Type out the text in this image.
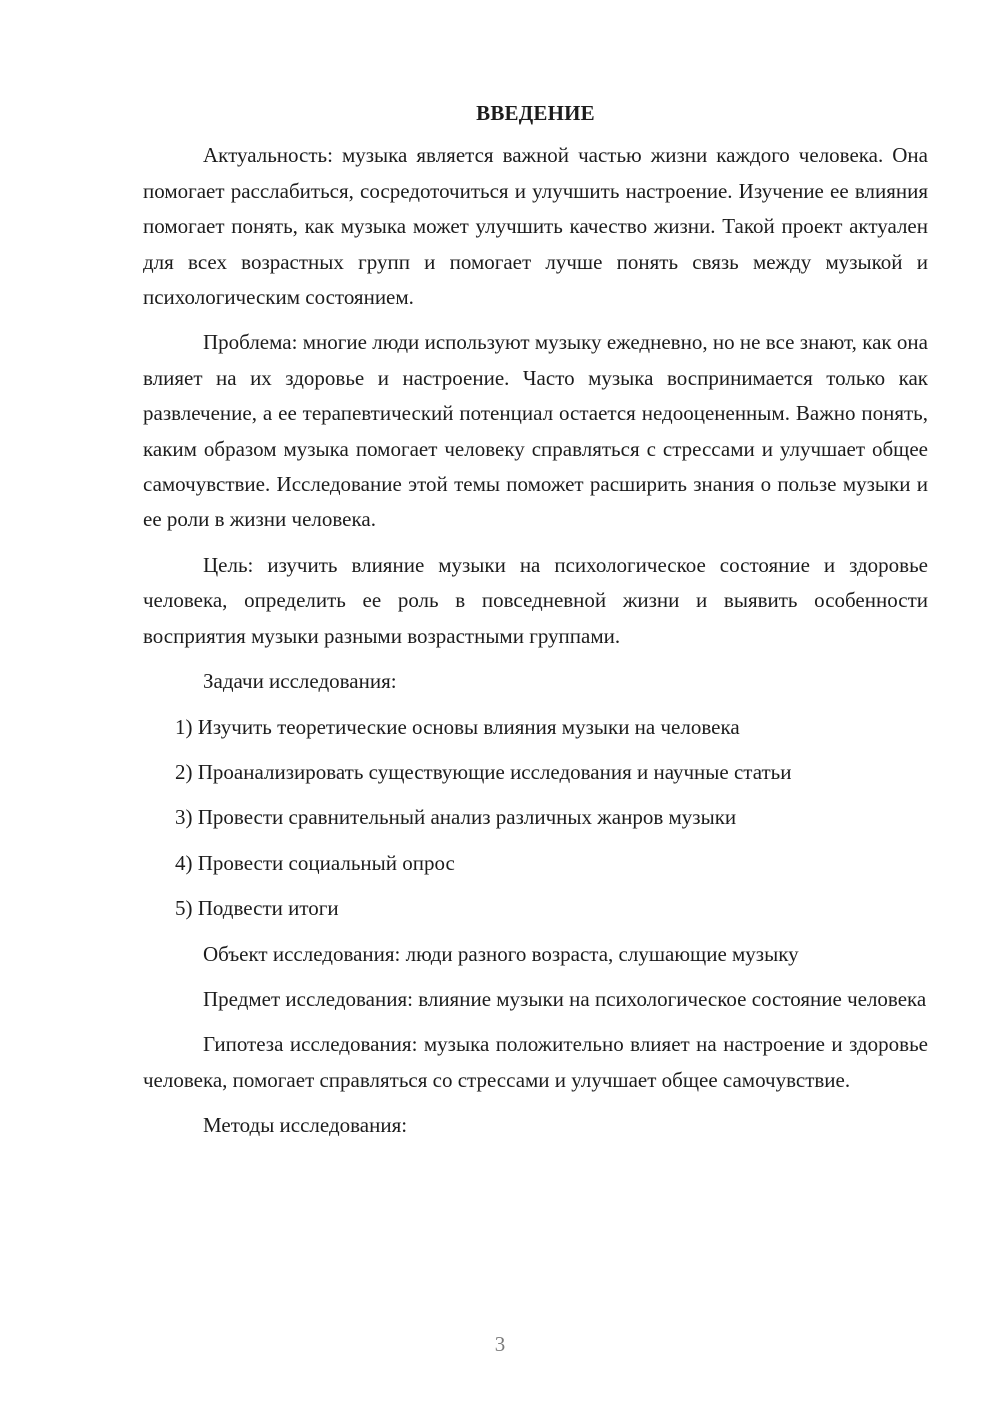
ВВЕДЕНИЕ

Актуальность: музыка является важной частью жизни каждого человека. Она помогает расслабиться, сосредоточиться и улучшить настроение. Изучение ее влияния помогает понять, как музыка может улучшить качество жизни. Такой проект актуален для всех возрастных групп и помогает лучше понять связь между музыкой и психологическим состоянием.

Проблема: многие люди используют музыку ежедневно, но не все знают, как она влияет на их здоровье и настроение. Часто музыка воспринимается только как развлечение, а ее терапевтический потенциал остается недооцененным. Важно понять, каким образом музыка помогает человеку справляться с стрессами и улучшает общее самочувствие. Исследование этой темы поможет расширить знания о пользе музыки и ее роли в жизни человека.

Цель: изучить влияние музыки на психологическое состояние и здоровье человека, определить ее роль в повседневной жизни и выявить особенности восприятия музыки разными возрастными группами.

Задачи исследования:

1) Изучить теоретические основы влияния музыки на человека
2) Проанализировать существующие исследования и научные статьи
3) Провести сравнительный анализ различных жанров музыки
4) Провести социальный опрос
5) Подвести итоги

Объект исследования: люди разного возраста, слушающие музыку

Предмет исследования: влияние музыки на психологическое состояние человека

Гипотеза исследования: музыка положительно влияет на настроение и здоровье человека, помогает справляться со стрессами и улучшает общее самочувствие.

Методы исследования:

3
